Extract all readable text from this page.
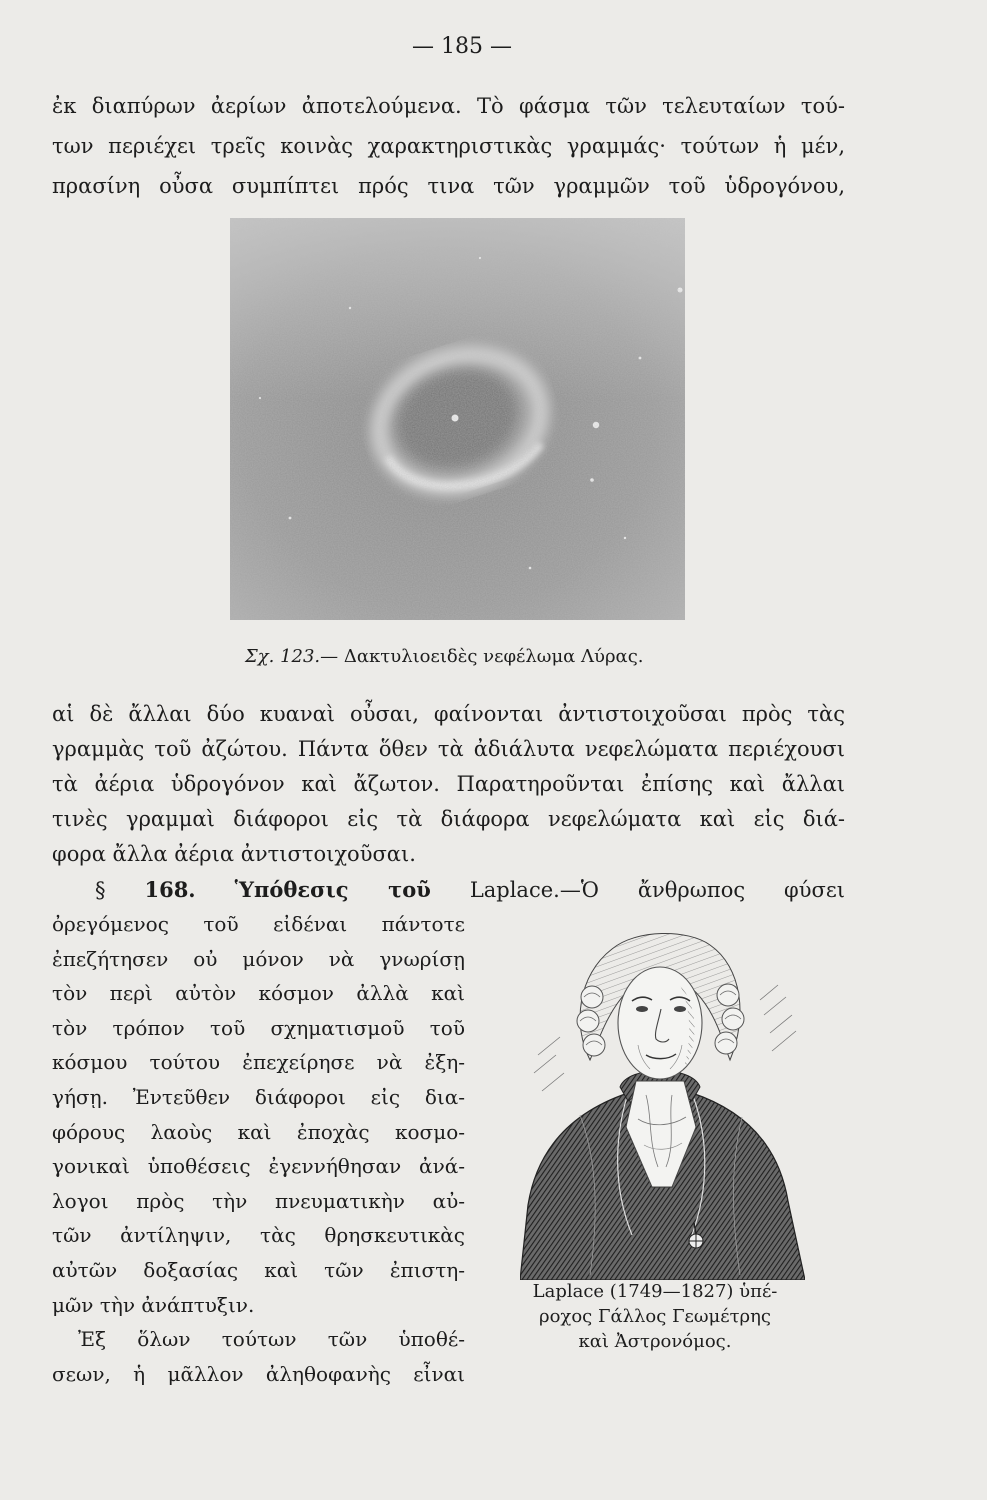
— 185 —
ἐκ διαπύρων ἀερίων ἀποτελούμενα. Τὸ φάσμα τῶν τελευταίων τού-
των περιέχει τρεῖς κοινὰς χαρακτηριστικὰς γραμμάς· τούτων ἡ μέν,
πρασίνη οὖσα συμπίπτει πρός τινα τῶν γραμμῶν τοῦ ὑδρογόνου,
Σχ. 123.— Δακτυλιοειδὲς νεφέλωμα Λύρας.
αἱ δὲ ἄλλαι δύο κυαναὶ οὖσαι, φαίνονται ἀντιστοιχοῦσαι πρὸς τὰς
γραμμὰς τοῦ ἀζώτου. Πάντα ὅθεν τὰ ἀδιάλυτα νεφελώματα περιέχουσι
τὰ ἀέρια ὑδρογόνον καὶ ἄζωτον. Παρατηροῦνται ἐπίσης καὶ ἄλλαι
τινὲς γραμμαὶ διάφοροι εἰς τὰ διάφορα νεφελώματα καὶ εἰς διά-
φορα ἄλλα ἀέρια ἀντιστοιχοῦσαι.
§ 168. Ὑπόθεσις τοῦ Laplace.—Ὁ ἄνθρωπος φύσει
ὀρεγόμενος τοῦ εἰδέναι πάντοτε
ἐπεζήτησεν οὐ μόνον νὰ γνωρίσῃ
τὸν περὶ αὐτὸν κόσμον ἀλλὰ καὶ
τὸν τρόπον τοῦ σχηματισμοῦ τοῦ
κόσμου τούτου ἐπεχείρησε νὰ ἐξη-
γήσῃ. Ἐντεῦθεν διάφοροι εἰς δια-
φόρους λαοὺς καὶ ἐποχὰς κοσμο-
γονικαὶ ὑποθέσεις ἐγεννήθησαν ἀνά-
λογοι πρὸς τὴν πνευματικὴν αὐ-
τῶν ἀντίληψιν, τὰς θρησκευτικὰς
αὐτῶν δοξασίας καὶ τῶν ἐπιστη-
μῶν τὴν ἀνάπτυξιν.
Ἐξ ὅλων τούτων τῶν ὑποθέ-
σεων, ἡ μᾶλλον ἀληθοφανὴς εἶναι
Laplace (1749—1827) ὑπέ-
ροχος Γάλλος Γεωμέτρης
καὶ Ἀστρονόμος.
